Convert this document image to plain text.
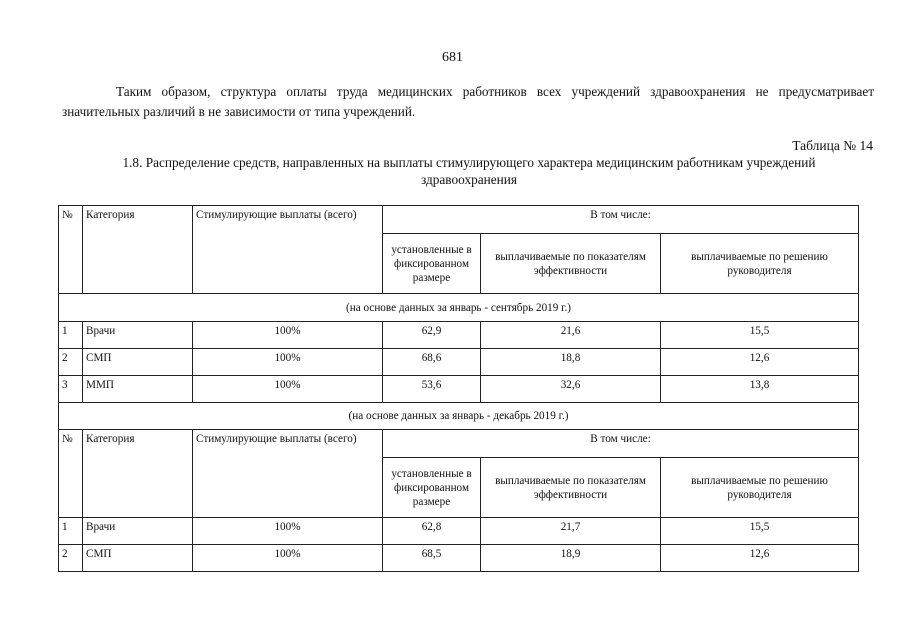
681
Таким образом, структура оплаты труда медицинских работников всех учреждений здравоохранения не предусматривает значительных различий в не зависимости от типа учреждений.
Таблица № 14
1.8. Распределение средств, направленных на выплаты стимулирующего характера медицинским работникам учреждений здравоохранения
№	Категория	Стимулирующие выплаты (всего)	В том числе:		
			установленные в фиксированном размере	выплачиваемые по показателям эффективности	выплачиваемые по решению руководителя
(на основе данных за январь - сентябрь 2019 г.)					
1	Врачи	100%	62,9	21,6	15,5
2	СМП	100%	68,6	18,8	12,6
3	ММП	100%	53,6	32,6	13,8
(на основе данных за январь - декабрь 2019 г.)					
№	Категория	Стимулирующие выплаты (всего)	В том числе:		
			установленные в фиксированном размере	выплачиваемые по показателям эффективности	выплачиваемые по решению руководителя
1	Врачи	100%	62,8	21,7	15,5
2	СМП	100%	68,5	18,9	12,6
